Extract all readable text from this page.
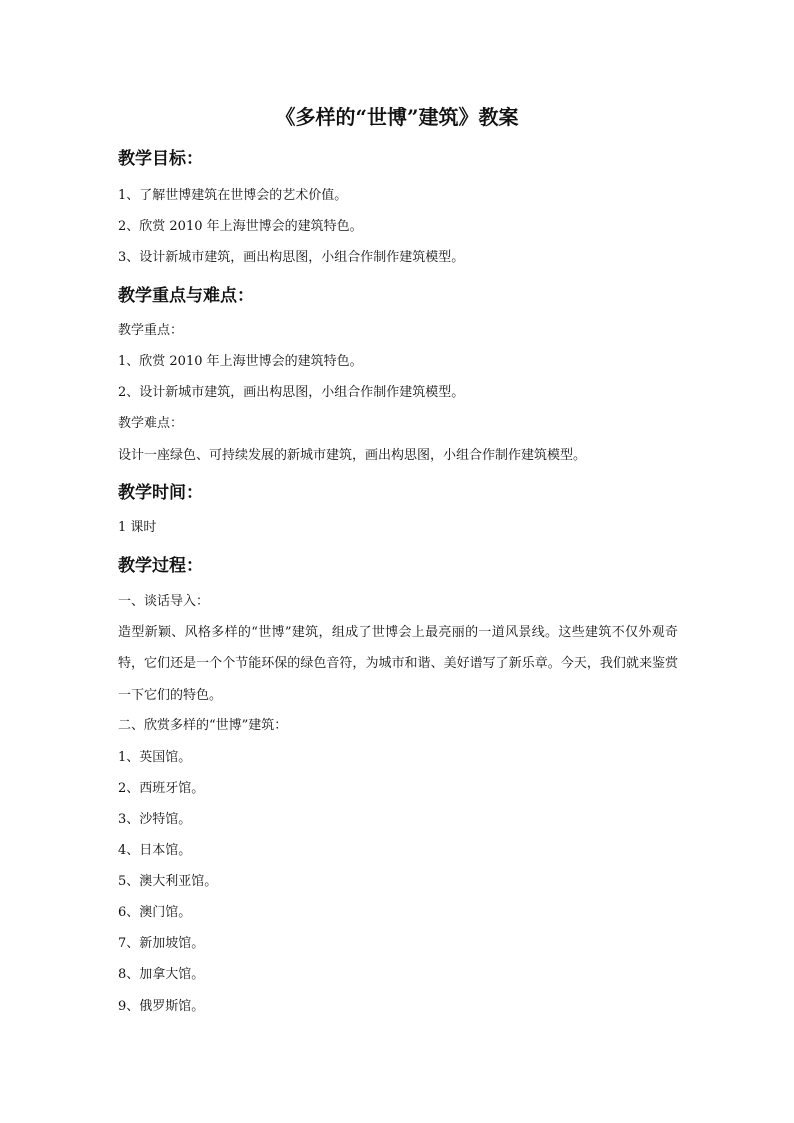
《多样的“世博”建筑》教案
教学目标：
1、了解世博建筑在世博会的艺术价值。
2、欣赏 2010 年上海世博会的建筑特色。
3、设计新城市建筑，画出构思图，小组合作制作建筑模型。
教学重点与难点：
教学重点：
1、欣赏 2010 年上海世博会的建筑特色。
2、设计新城市建筑，画出构思图，小组合作制作建筑模型。
教学难点：
设计一座绿色、可持续发展的新城市建筑，画出构思图，小组合作制作建筑模型。
教学时间：
1 课时
教学过程：
一、谈话导入：
造型新颖、风格多样的“世博”建筑，组成了世博会上最亮丽的一道风景线。这些建筑不仅外观奇特，它们还是一个个节能环保的绿色音符，为城市和谐、美好谱写了新乐章。今天，我们就来鉴赏一下它们的特色。
二、欣赏多样的“世博”建筑：
1、英国馆。
2、西班牙馆。
3、沙特馆。
4、日本馆。
5、澳大利亚馆。
6、澳门馆。
7、新加坡馆。
8、加拿大馆。
9、俄罗斯馆。
